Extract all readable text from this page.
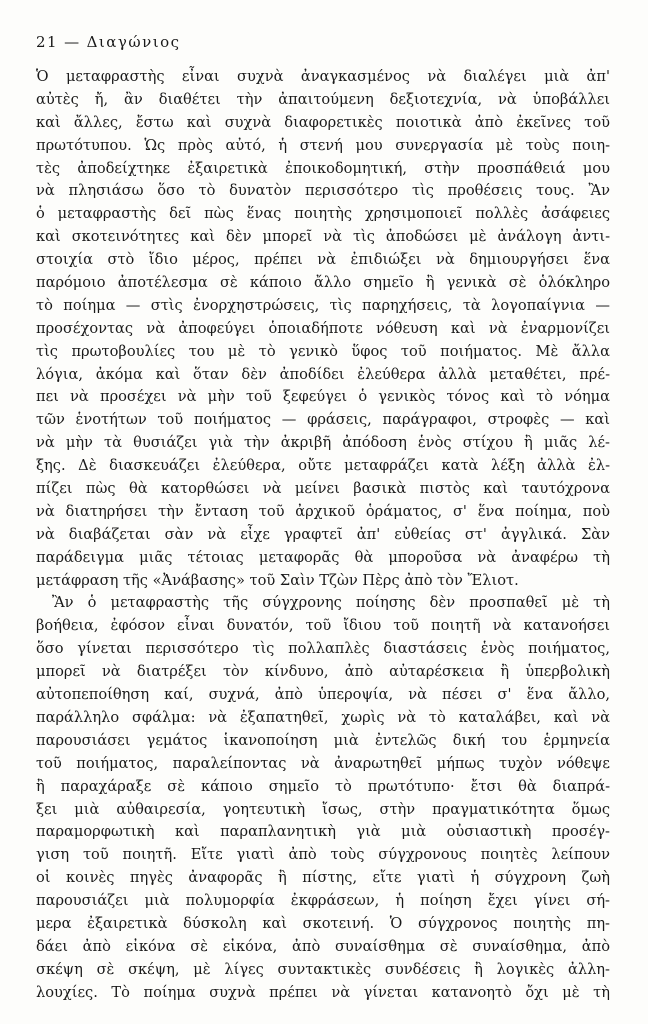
21 — Διαγώνιος
Ὁ μεταφραστὴς εἶναι συχνὰ ἀναγκασμένος νὰ διαλέγει μιὰ ἀπ'
αὐτὲς ἤ, ἂν διαθέτει τὴν ἀπαιτούμενη δεξιοτεχνία, νὰ ὑποβάλλει
καὶ ἄλλες, ἔστω καὶ συχνὰ διαφορετικὲς ποιοτικὰ ἀπὸ ἐκεῖνες τοῦ
πρωτότυπου. Ὡς πρὸς αὐτό, ἡ στενή μου συνεργασία μὲ τοὺς ποιη-
τὲς ἀποδείχτηκε ἐξαιρετικὰ ἐποικοδομητική, στὴν προσπάθειά μου
νὰ πλησιάσω ὅσο τὸ δυνατὸν περισσότερο τὶς προθέσεις τους. Ἂν
ὁ μεταφραστὴς δεῖ πὼς ἕνας ποιητὴς χρησιμοποιεῖ πολλὲς ἀσάφειες
καὶ σκοτεινότητες καὶ δὲν μπορεῖ νὰ τὶς ἀποδώσει μὲ ἀνάλογη ἀντι-
στοιχία στὸ ἴδιο μέρος, πρέπει νὰ ἐπιδιώξει νὰ δημιουργήσει ἕνα
παρόμοιο ἀποτέλεσμα σὲ κάποιο ἄλλο σημεῖο ἢ γενικὰ σὲ ὁλόκληρο
τὸ ποίημα — στὶς ἐνορχηστρώσεις, τὶς παρηχήσεις, τὰ λογοπαίγνια —
προσέχοντας νὰ ἀποφεύγει ὁποιαδήποτε νόθευση καὶ νὰ ἐναρμονίζει
τὶς πρωτοβουλίες του μὲ τὸ γενικὸ ὕφος τοῦ ποιήματος. Μὲ ἄλλα
λόγια, ἀκόμα καὶ ὅταν δὲν ἀποδίδει ἐλεύθερα ἀλλὰ μεταθέτει, πρέ-
πει νὰ προσέχει νὰ μὴν τοῦ ξεφεύγει ὁ γενικὸς τόνος καὶ τὸ νόημα
τῶν ἑνοτήτων τοῦ ποιήματος — φράσεις, παράγραφοι, στροφὲς — καὶ
νὰ μὴν τὰ θυσιάζει γιὰ τὴν ἀκριβῆ ἀπόδοση ἑνὸς στίχου ἢ μιᾶς λέ-
ξης. Δὲ διασκευάζει ἐλεύθερα, οὔτε μεταφράζει κατὰ λέξη ἀλλὰ ἐλ-
πίζει πὼς θὰ κατορθώσει νὰ μείνει βασικὰ πιστὸς καὶ ταυτόχρονα
νὰ διατηρήσει τὴν ἔνταση τοῦ ἀρχικοῦ ὁράματος, σ' ἕνα ποίημα, ποὺ
νὰ διαβάζεται σὰν νὰ εἶχε γραφτεῖ ἀπ' εὐθείας στ' ἀγγλικά. Σὰν
παράδειγμα μιᾶς τέτοιας μεταφορᾶς θὰ μποροῦσα νὰ ἀναφέρω τὴ
μετάφραση τῆς «Ἀνάβασης» τοῦ Σαὶν Τζὼν Πὲρς ἀπὸ τὸν Ἔλιοτ.
Ἂν ὁ μεταφραστὴς τῆς σύγχρονης ποίησης δὲν προσπαθεῖ μὲ τὴ
βοήθεια, ἐφόσον εἶναι δυνατόν, τοῦ ἴδιου τοῦ ποιητῆ νὰ κατανοήσει
ὅσο γίνεται περισσότερο τὶς πολλαπλὲς διαστάσεις ἑνὸς ποιήματος,
μπορεῖ νὰ διατρέξει τὸν κίνδυνο, ἀπὸ αὐταρέσκεια ἢ ὑπερβολικὴ
αὐτοπεποίθηση καί, συχνά, ἀπὸ ὑπεροψία, νὰ πέσει σ' ἕνα ἄλλο,
παράλληλο σφάλμα: νὰ ἐξαπατηθεῖ, χωρὶς νὰ τὸ καταλάβει, καὶ νὰ
παρουσιάσει γεμάτος ἱκανοποίηση μιὰ ἐντελῶς δική του ἑρμηνεία
τοῦ ποιήματος, παραλείποντας νὰ ἀναρωτηθεῖ μήπως τυχὸν νόθεψε
ἢ παραχάραξε σὲ κάποιο σημεῖο τὸ πρωτότυπο· ἔτσι θὰ διαπρά-
ξει μιὰ αὐθαιρεσία, γοητευτικὴ ἴσως, στὴν πραγματικότητα ὅμως
παραμορφωτικὴ καὶ παραπλανητικὴ γιὰ μιὰ οὐσιαστικὴ προσέγ-
γιση τοῦ ποιητῆ. Εἴτε γιατὶ ἀπὸ τοὺς σύγχρονους ποιητὲς λείπουν
οἱ κοινὲς πηγὲς ἀναφορᾶς ἢ πίστης, εἴτε γιατὶ ἡ σύγχρονη ζωὴ
παρουσιάζει μιὰ πολυμορφία ἐκφράσεων, ἡ ποίηση ἔχει γίνει σή-
μερα ἐξαιρετικὰ δύσκολη καὶ σκοτεινή. Ὁ σύγχρονος ποιητὴς πη-
δάει ἀπὸ εἰκόνα σὲ εἰκόνα, ἀπὸ συναίσθημα σὲ συναίσθημα, ἀπὸ
σκέψη σὲ σκέψη, μὲ λίγες συντακτικὲς συνδέσεις ἢ λογικὲς ἀλλη-
λουχίες. Τὸ ποίημα συχνὰ πρέπει νὰ γίνεται κατανοητὸ ὄχι μὲ τὴ
